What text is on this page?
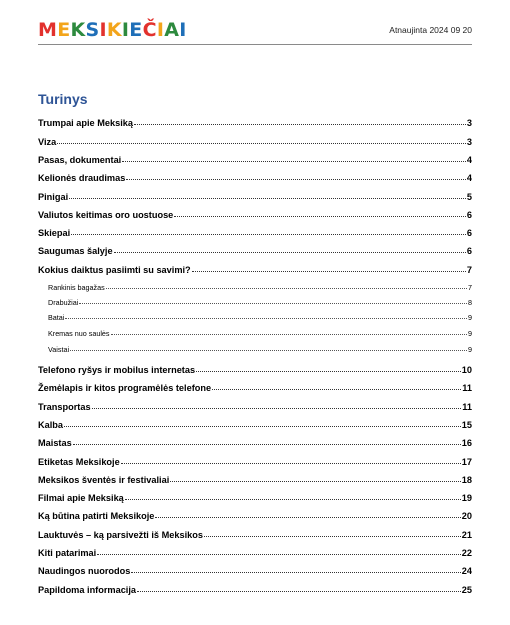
MEKSIKIEČIAI	Atnaujinta 2024 09 20
Turinys
Trumpai apie Meksiką	3
Viza	3
Pasas, dokumentai	4
Kelionės draudimas	4
Pinigai	5
Valiutos keitimas oro uostuose	6
Skiepai	6
Saugumas šalyje	6
Kokius daiktus pasiimti su savimi?	7
Rankinis bagažas	7
Drabužiai	8
Batai	9
Kremas nuo saulės	9
Vaistai	9
Telefono ryšys ir mobilus internetas	10
Žemėlapis ir kitos programėlės telefone	11
Transportas	11
Kalba	15
Maistas	16
Etiketas Meksikoje	17
Meksikos šventės ir festivaliai	18
Filmai apie Meksiką	19
Ką būtina patirti Meksikoje	20
Lauktuvės – ką parsivežti iš Meksikos	21
Kiti patarimai	22
Naudingos nuorodos	24
Papildoma informacija	25
